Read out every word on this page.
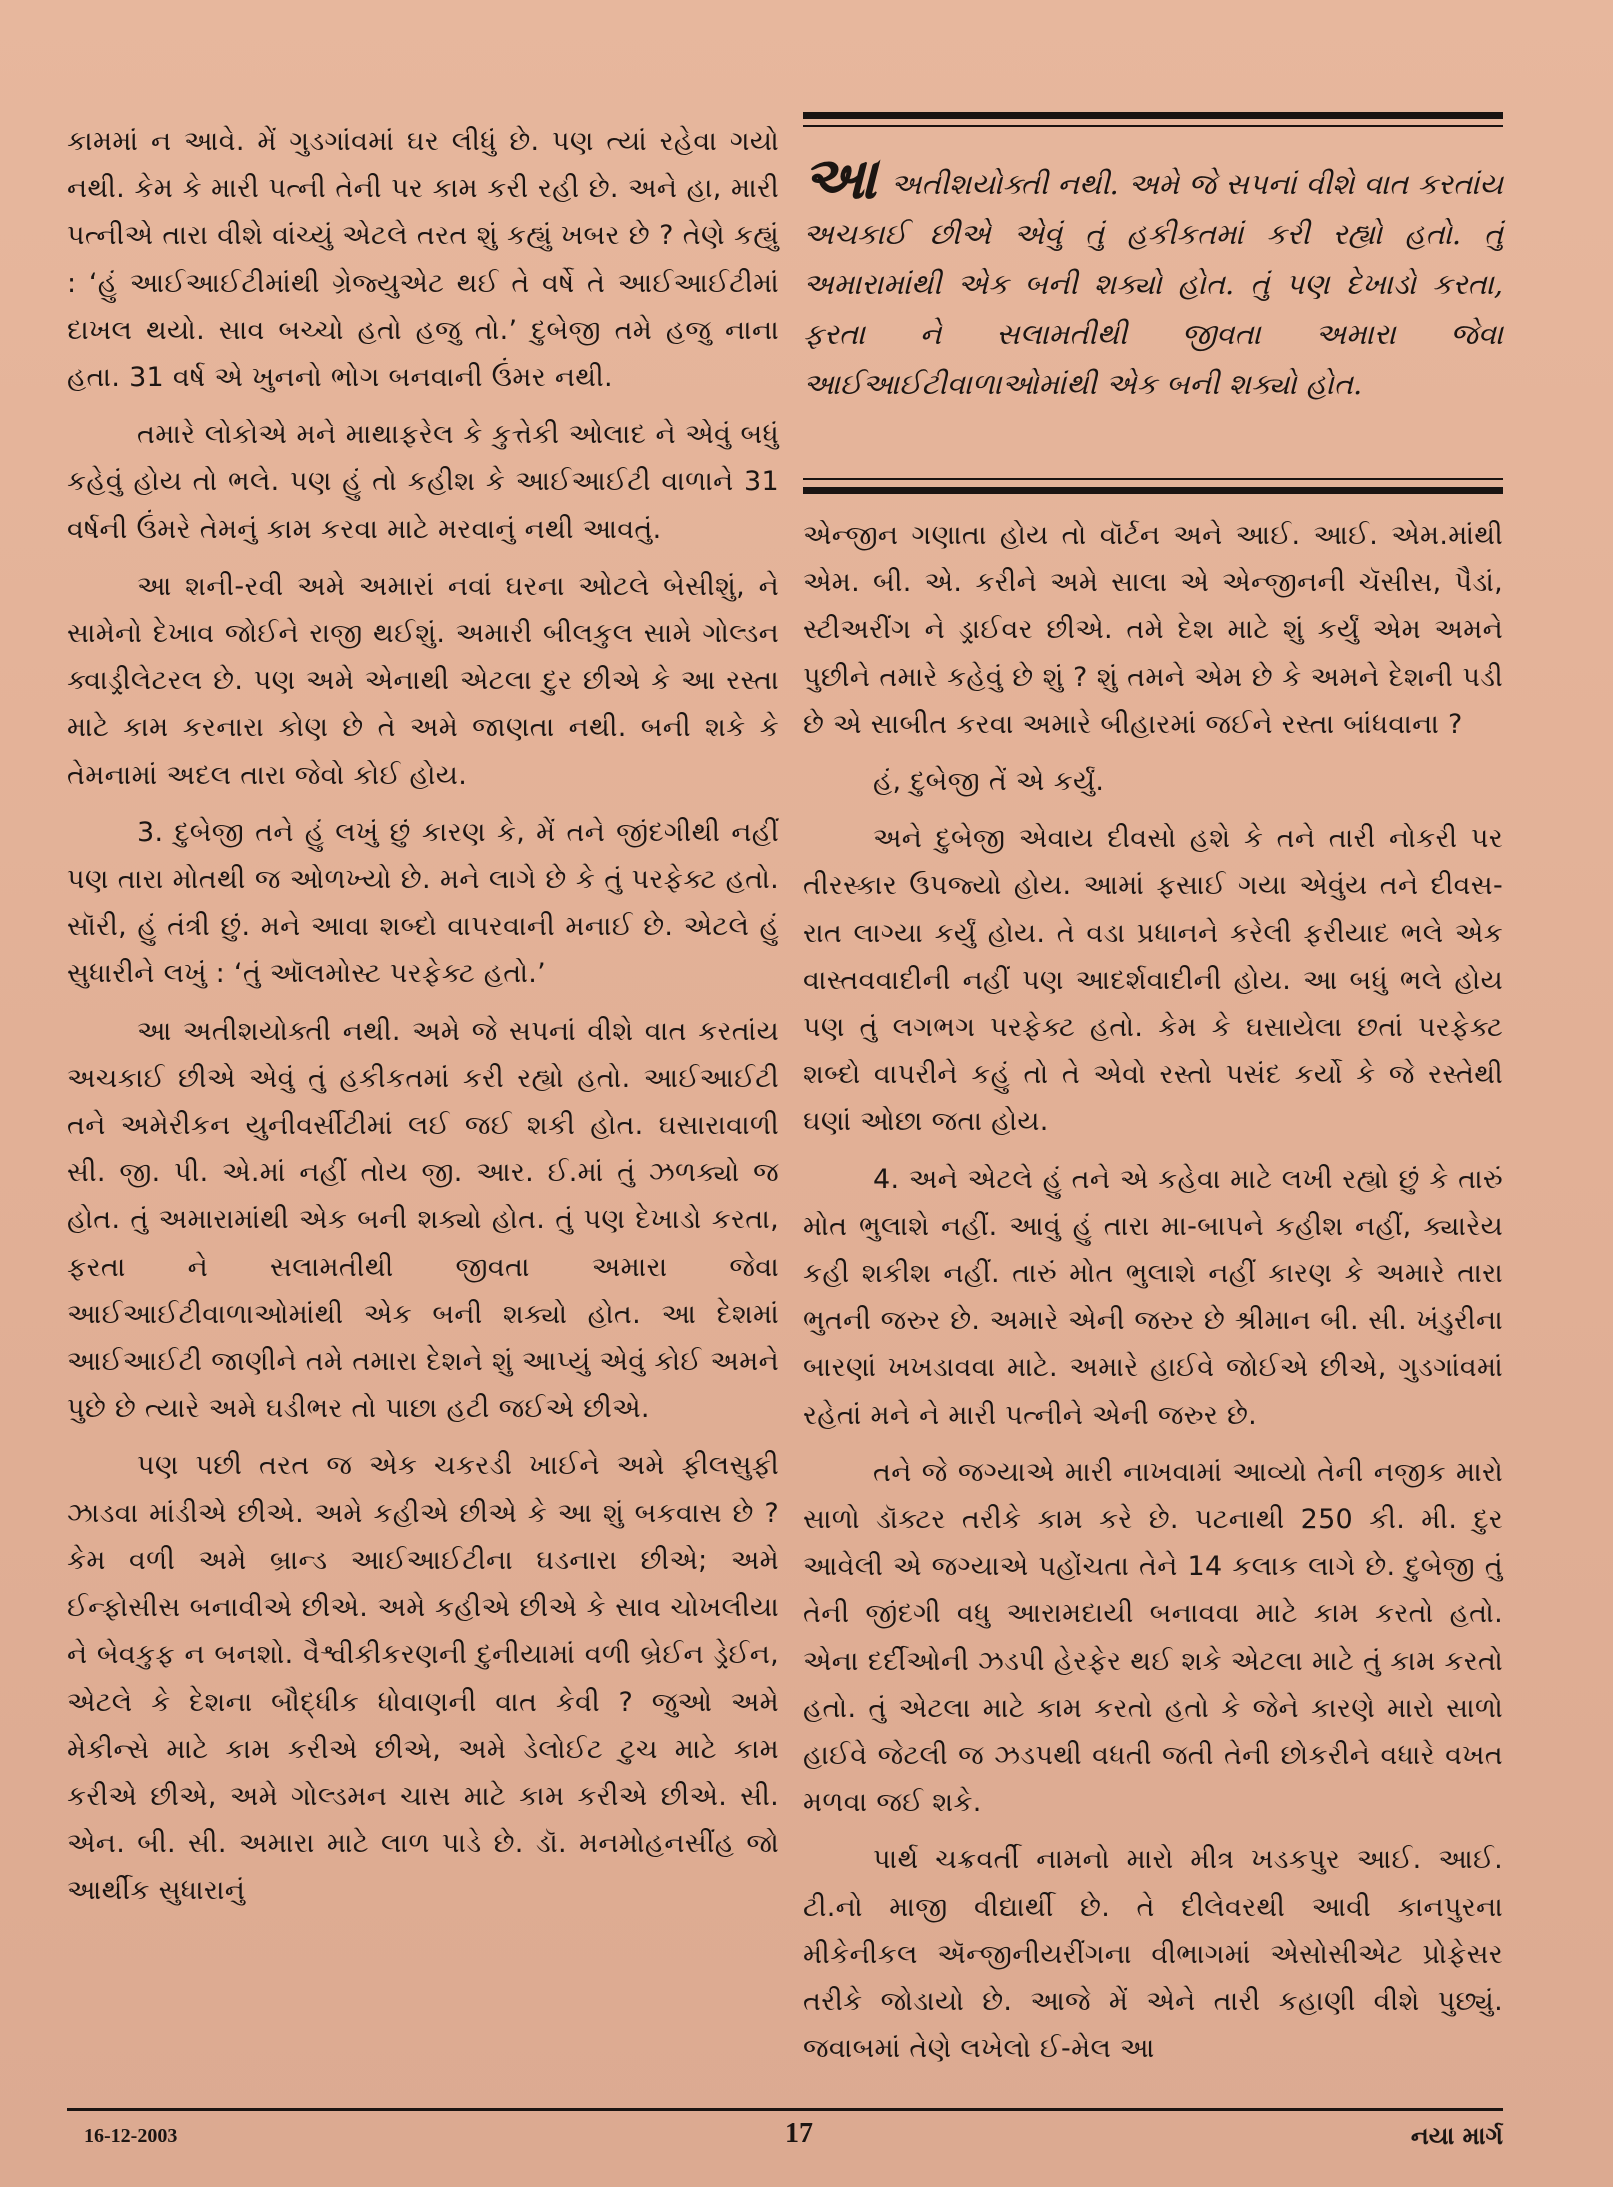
કામમાં ન આવે. મેં ગુડગાંવમાં ઘર લીધું છે. પણ ત્યાં રહેવા ગયો નથી. કેમ કે મારી પત્ની તેની પર કામ કરી રહી છે. અને હા, મારી પત્નીએ તારા વીશે વાંચ્યું એટલે તરત શું કહ્યું ખબર છે ? તેણે કહ્યું : ‘હું આઈઆઈટીમાંથી ગ્રેજ્યુએટ થઈ તે વર્ષે તે આઈઆઈટીમાં દાખલ થયો. સાવ બચ્ચો હતો હજુ તો.’ દુબેજી તમે હજુ નાના હતા. 31 વર્ષ એ ખુનનો ભોગ બનવાની ઉંમર નથી.

તમારે લોકોએ મને માથાફરેલ કે કુત્તેકી ઓલાદ ને એવું બધું કહેવું હોય તો ભલે. પણ હું તો કહીશ કે આઈઆઈટી વાળાને 31 વર્ષની ઉંમરે તેમનું કામ કરવા માટે મરવાનું નથી આવતું.

આ શની-રવી અમે અમારાં નવાં ઘરના ઓટલે બેસીશું, ને સામેનો દેખાવ જોઈને રાજી થઈશું. અમારી બીલકુલ સામે ગોલ્ડન ક્વાડ્રીલેટરલ છે. પણ અમે એનાથી એટલા દુર છીએ કે આ રસ્તા માટે કામ કરનારા કોણ છે તે અમે જાણતા નથી. બની શકે કે તેમનામાં અદલ તારા જેવો કોઈ હોય.

3. દુબેજી તને હું લખું છું કારણ કે, મેં તને જીંદગીથી નહીં પણ તારા મોતથી જ ઓળખ્યો છે. મને લાગે છે કે તું પરફેક્ટ હતો. સૉરી, હું તંત્રી છું. મને આવા શબ્દો વાપરવાની મનાઈ છે. એટલે હું સુધારીને લખું : ‘તું ઑલમોસ્ટ પરફેક્ટ હતો.’

આ અતીશયોક્તી નથી. અમે જે સપનાં વીશે વાત કરતાંય અચકાઈ છીએ એવું તું હકીકતમાં કરી રહ્યો હતો. આઈઆઈટી તને અમેરીકન યુનીવર્સીટીમાં લઈ જઈ શકી હોત. ઘસારાવાળી સી. જી. પી. એ.માં નહીં તોય જી. આર. ઈ.માં તું ઝળક્યો જ હોત. તું અમારામાંથી એક બની શક્યો હોત. તું પણ દેખાડો કરતા, ફરતા ને સલામતીથી જીવતા અમારા જેવા આઈઆઈટીવાળાઓમાંથી એક બની શક્યો હોત. આ દેશમાં આઈઆઈટી જાણીને તમે તમારા દેશને શું આપ્યું એવું કોઈ અમને પુછે છે ત્યારે અમે ઘડીભર તો પાછા હટી જઈએ છીએ.

પણ પછી તરત જ એક ચકરડી ખાઈને અમે ફીલસુફી ઝાડવા માંડીએ છીએ. અમે કહીએ છીએ કે આ શું બકવાસ છે ? કેમ વળી અમે બ્રાન્ડ આઈઆઈટીના ઘડનારા છીએ; અમે ઈન્ફોસીસ બનાવીએ છીએ. અમે કહીએ છીએ કે સાવ ચોખલીયા ને બેવકુફ ન બનશો. વૈશ્વીકીકરણની દુનીયામાં વળી બ્રેઈન ડ્રેઈન, એટલે કે દેશના બૌદ્ધીક ધોવાણની વાત કેવી ? જુઓ અમે મેકીન્સે માટે કામ કરીએ છીએ, અમે ડેલોઈટ ટુચ માટે કામ કરીએ છીએ, અમે ગોલ્ડમન ચાસ માટે કામ કરીએ છીએ. સી. એન. બી. સી. અમારા માટે લાળ પાડે છે. ડૉ. મનમોહનસીંહ જો આર્થીક સુધારાનું

આઅતીશયોક્તી નથી. અમે જે સપનાં વીશે વાત કરતાંય અચકાઈ છીએ એવું તું હકીકતમાં કરી રહ્યો હતો. તું અમારામાંથી એક બની શક્યો હોત. તું પણ દેખાડો કરતા, ફરતા ને સલામતીથી જીવતા અમારા જેવા આઈઆઈટીવાળાઓમાંથી એક બની શક્યો હોત.

એન્જીન ગણાતા હોય તો વૉર્ટન અને આઈ. આઈ. એમ.માંથી એમ. બી. એ. કરીને અમે સાલા એ એન્જીનની ચૅસીસ, પૈડાં, સ્ટીઅરીંગ ને ડ્રાઈવર છીએ. તમે દેશ માટે શું કર્યું એમ અમને પુછીને તમારે કહેવું છે શું ? શું તમને એમ છે કે અમને દેશની પડી છે એ સાબીત કરવા અમારે બીહારમાં જઈને રસ્તા બાંધવાના ?

હં, દુબેજી તેં એ કર્યું.

અને દુબેજી એવાય દીવસો હશે કે તને તારી નોકરી પર તીરસ્કાર ઉપજ્યો હોય. આમાં ફસાઈ ગયા એવુંય તને દીવસ-રાત લાગ્યા કર્યું હોય. તે વડા પ્રધાનને કરેલી ફરીયાદ ભલે એક વાસ્તવવાદીની નહીં પણ આદર્શવાદીની હોય. આ બધું ભલે હોય પણ તું લગભગ પરફેક્ટ હતો. કેમ કે ઘસાયેલા છતાં પરફેક્ટ શબ્દો વાપરીને કહું તો તે એવો રસ્તો પસંદ કર્યો કે જે રસ્તેથી ઘણાં ઓછા જતા હોય.

4. અને એટલે હું તને એ કહેવા માટે લખી રહ્યો છું કે તારું મોત ભુલાશે નહીં. આવું હું તારા મા-બાપને કહીશ નહીં, ક્યારેય કહી શકીશ નહીં. તારું મોત ભુલાશે નહીં કારણ કે અમારે તારા ભુતની જરુર છે. અમારે એની જરુર છે શ્રીમાન બી. સી. ખંડુરીના બારણાં ખખડાવવા માટે. અમારે હાઈવે જોઈએ છીએ, ગુડગાંવમાં રહેતાં મને ને મારી પત્નીને એની જરુર છે.

તને જે જગ્યાએ મારી નાખવામાં આવ્યો તેની નજીક મારો સાળો ડૉક્ટર તરીકે કામ કરે છે. પટનાથી 250 કી. મી. દુર આવેલી એ જગ્યાએ પહોંચતા તેને 14 કલાક લાગે છે. દુબેજી તું તેની જીંદગી વધુ આરામદાયી બનાવવા માટે કામ કરતો હતો. એના દર્દીઓની ઝડપી હેરફેર થઈ શકે એટલા માટે તું કામ કરતો હતો. તું એટલા માટે કામ કરતો હતો કે જેને કારણે મારો સાળો હાઈવે જેટલી જ ઝડપથી વધતી જતી તેની છોકરીને વધારે વખત મળવા જઈ શકે.

પાર્થ ચક્રવર્તી નામનો મારો મીત્ર ખડકપુર આઈ. આઈ. ટી.નો માજી વીદ્યાર્થી છે. તે દીલેવરથી આવી કાનપુરના મીકેનીકલ ઍન્જીનીયરીંગના વીભાગમાં એસોસીએટ પ્રોફેસર તરીકે જોડાયો છે. આજે મેં એને તારી કહાણી વીશે પુછ્યું. જવાબમાં તેણે લખેલો ઈ-મેલ આ

16-12-2003	17	નયા માર્ગ
